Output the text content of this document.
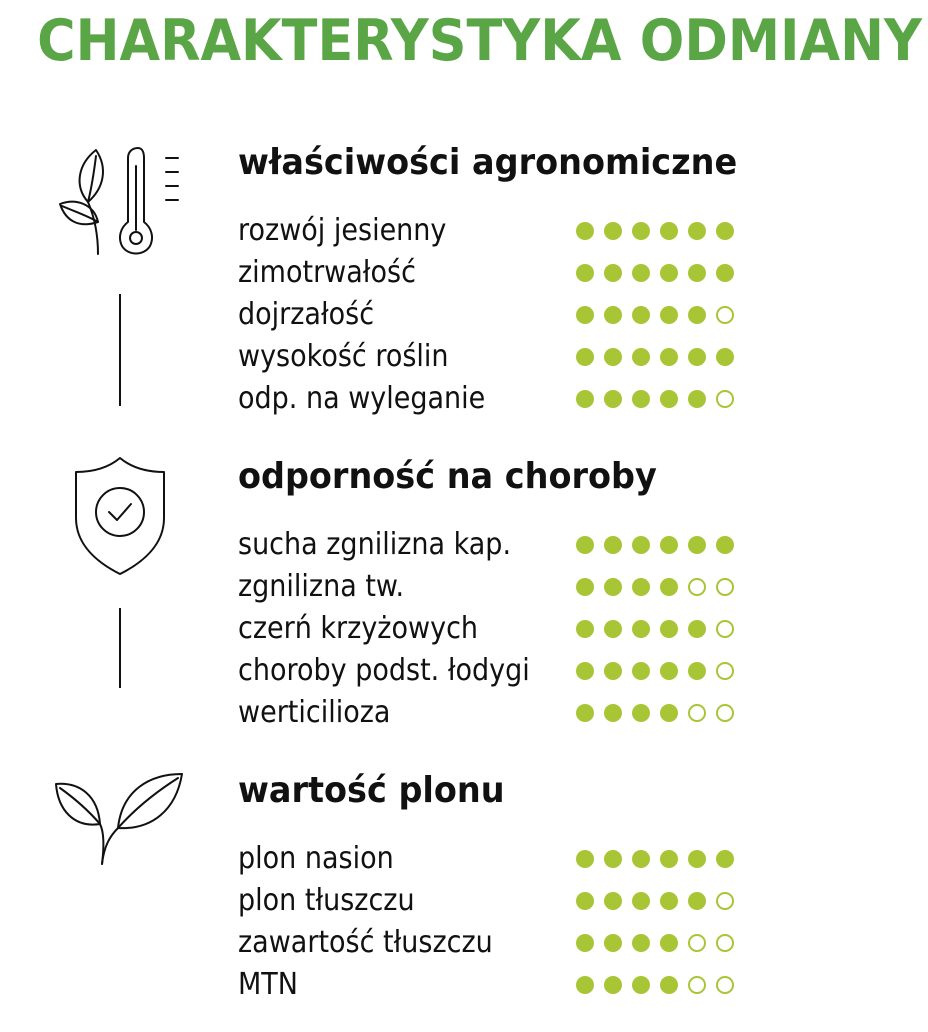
CHARAKTERYSTYKA ODMIANY
właściwości agronomiczne
rozwój jesienny
zimotrwałość
dojrzałość
wysokość roślin
odp. na wyleganie
odporność na choroby
sucha zgnilizna kap.
zgnilizna tw.
czerń krzyżowych
choroby podst. łodygi
werticilioza
wartość plonu
plon nasion
plon tłuszczu
zawartość tłuszczu
MTN
